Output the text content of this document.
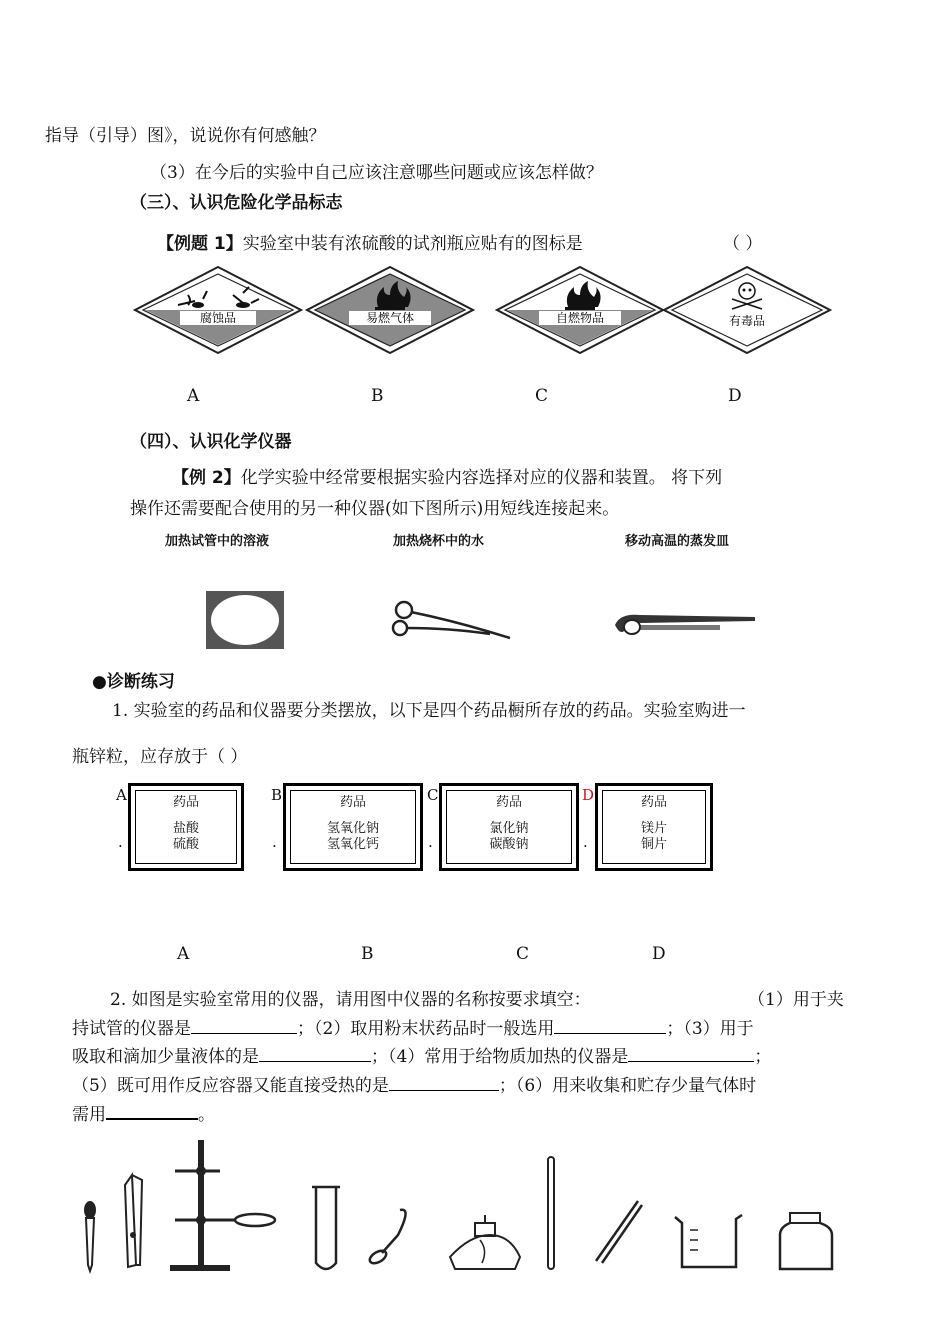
指导（引导）图》，说说你有何感触？
（3）在今后的实验中自己应该注意哪些问题或应该怎样做？
（三）、认识危险化学品标志
【例题 1】实验室中装有浓硫酸的试剂瓶应贴有的图标是	（ ）
腐蚀品	易燃气体	自燃物品	有毒品
A	B	C	D
（四）、认识化学仪器
【例 2】化学实验中经常要根据实验内容选择对应的仪器和装置。 将下列
操作还需要配合使用的另一种仪器(如下图所示)用短线连接起来。
加热试管中的溶液	加热烧杯中的水	移动高温的蒸发皿
●诊断练习
1. 实验室的药品和仪器要分类摆放，以下是四个药品橱所存放的药品。实验室购进一
瓶锌粒，应存放于（ ）
A
.
药品
盐酸
硫酸
B
.
药品
氢氧化钠
氢氧化钙
C
.
药品
氯化钠
碳酸钠
D
.
药品
镁片
铜片
A	B	C	D
2. 如图是实验室常用的仪器，请用图中仪器的名称按要求填空：	（1）用于夹
持试管的仪器是	；（2）取用粉末状药品时一般选用	；（3）用于
吸取和滴加少量液体的是	；（4）常用于给物质加热的仪器是	；
（5）既可用作反应容器又能直接受热的是	；（6）用来收集和贮存少量气体时
需用	。
